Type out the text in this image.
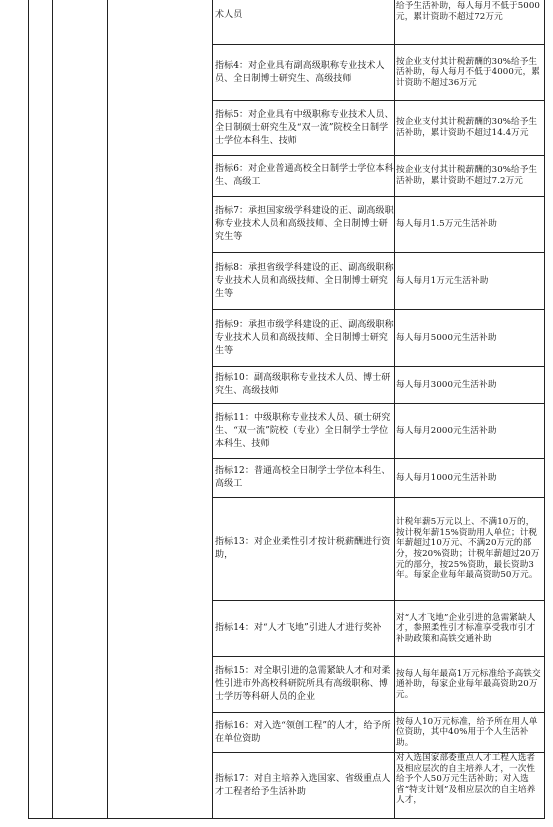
术人员
给予生活补助，每人每月不低于5000元，累计资助不超过72万元
指标4：对企业具有副高级职称专业技术人员、全日制博士研究生、高级技师
按企业支付其计税薪酬的30%给予生活补助，每人每月不低于4000元，累计资助不超过36万元
指标5：对企业具有中级职称专业技术人员、全日制硕士研究生及“双一流”院校全日制学士学位本科生、技师
按企业支付其计税薪酬的30%给予生活补助，累计资助不超过14.4万元
指标6：对企业普通高校全日制学士学位本科生、高级工
按企业支付其计税薪酬的30%给予生活补助，累计资助不超过7.2万元
指标7：承担国家级学科建设的正、副高级职称专业技术人员和高级技师、全日制博士研究生等
每人每月1.5万元生活补助
指标8：承担省级学科建设的正、副高级职称专业技术人员和高级技师、全日制博士研究生等
每人每月1万元生活补助
指标9：承担市级学科建设的正、副高级职称专业技术人员和高级技师、全日制博士研究生等
每人每月5000元生活补助
指标10：副高级职称专业技术人员、博士研究生、高级技师
每人每月3000元生活补助
指标11：中级职称专业技术人员、硕士研究生、“双一流”院校（专业）全日制学士学位本科生、技师
每人每月2000元生活补助
指标12：普通高校全日制学士学位本科生、高级工
每人每月1000元生活补助
指标13：对企业柔性引才按计税薪酬进行资助，
计税年薪5万元以上、不满10万的，按计税年薪15%资助用人单位；计税年薪超过10万元、不满20万元的部分，按20%资助；计税年薪超过20万元的部分，按25%资助，最长资助3年。每家企业每年最高资助50万元。
指标14：对“人才飞地”引进人才进行奖补
对“人才飞地”企业引进的急需紧缺人才，参照柔性引才标准享受我市引才补助政策和高铁交通补助
指标15：对全职引进的急需紧缺人才和对柔性引进市外高校科研院所具有高级职称、博士学历等科研人员的企业
按每人每年最高1万元标准给予高铁交通补助，每家企业每年最高资助20万元。
指标16：对入选“领创工程”的人才，给予所在单位资助
按每人10万元标准，给予所在用人单位资助，其中40%用于个人生活补助。
指标17：对自主培养入选国家、省级重点人才工程者给予生活补助
对入选国家部委重点人才工程入选者及相应层次的自主培养人才，一次性给予个人50万元生活补助；对入选省“特支计划”及相应层次的自主培养人才，
